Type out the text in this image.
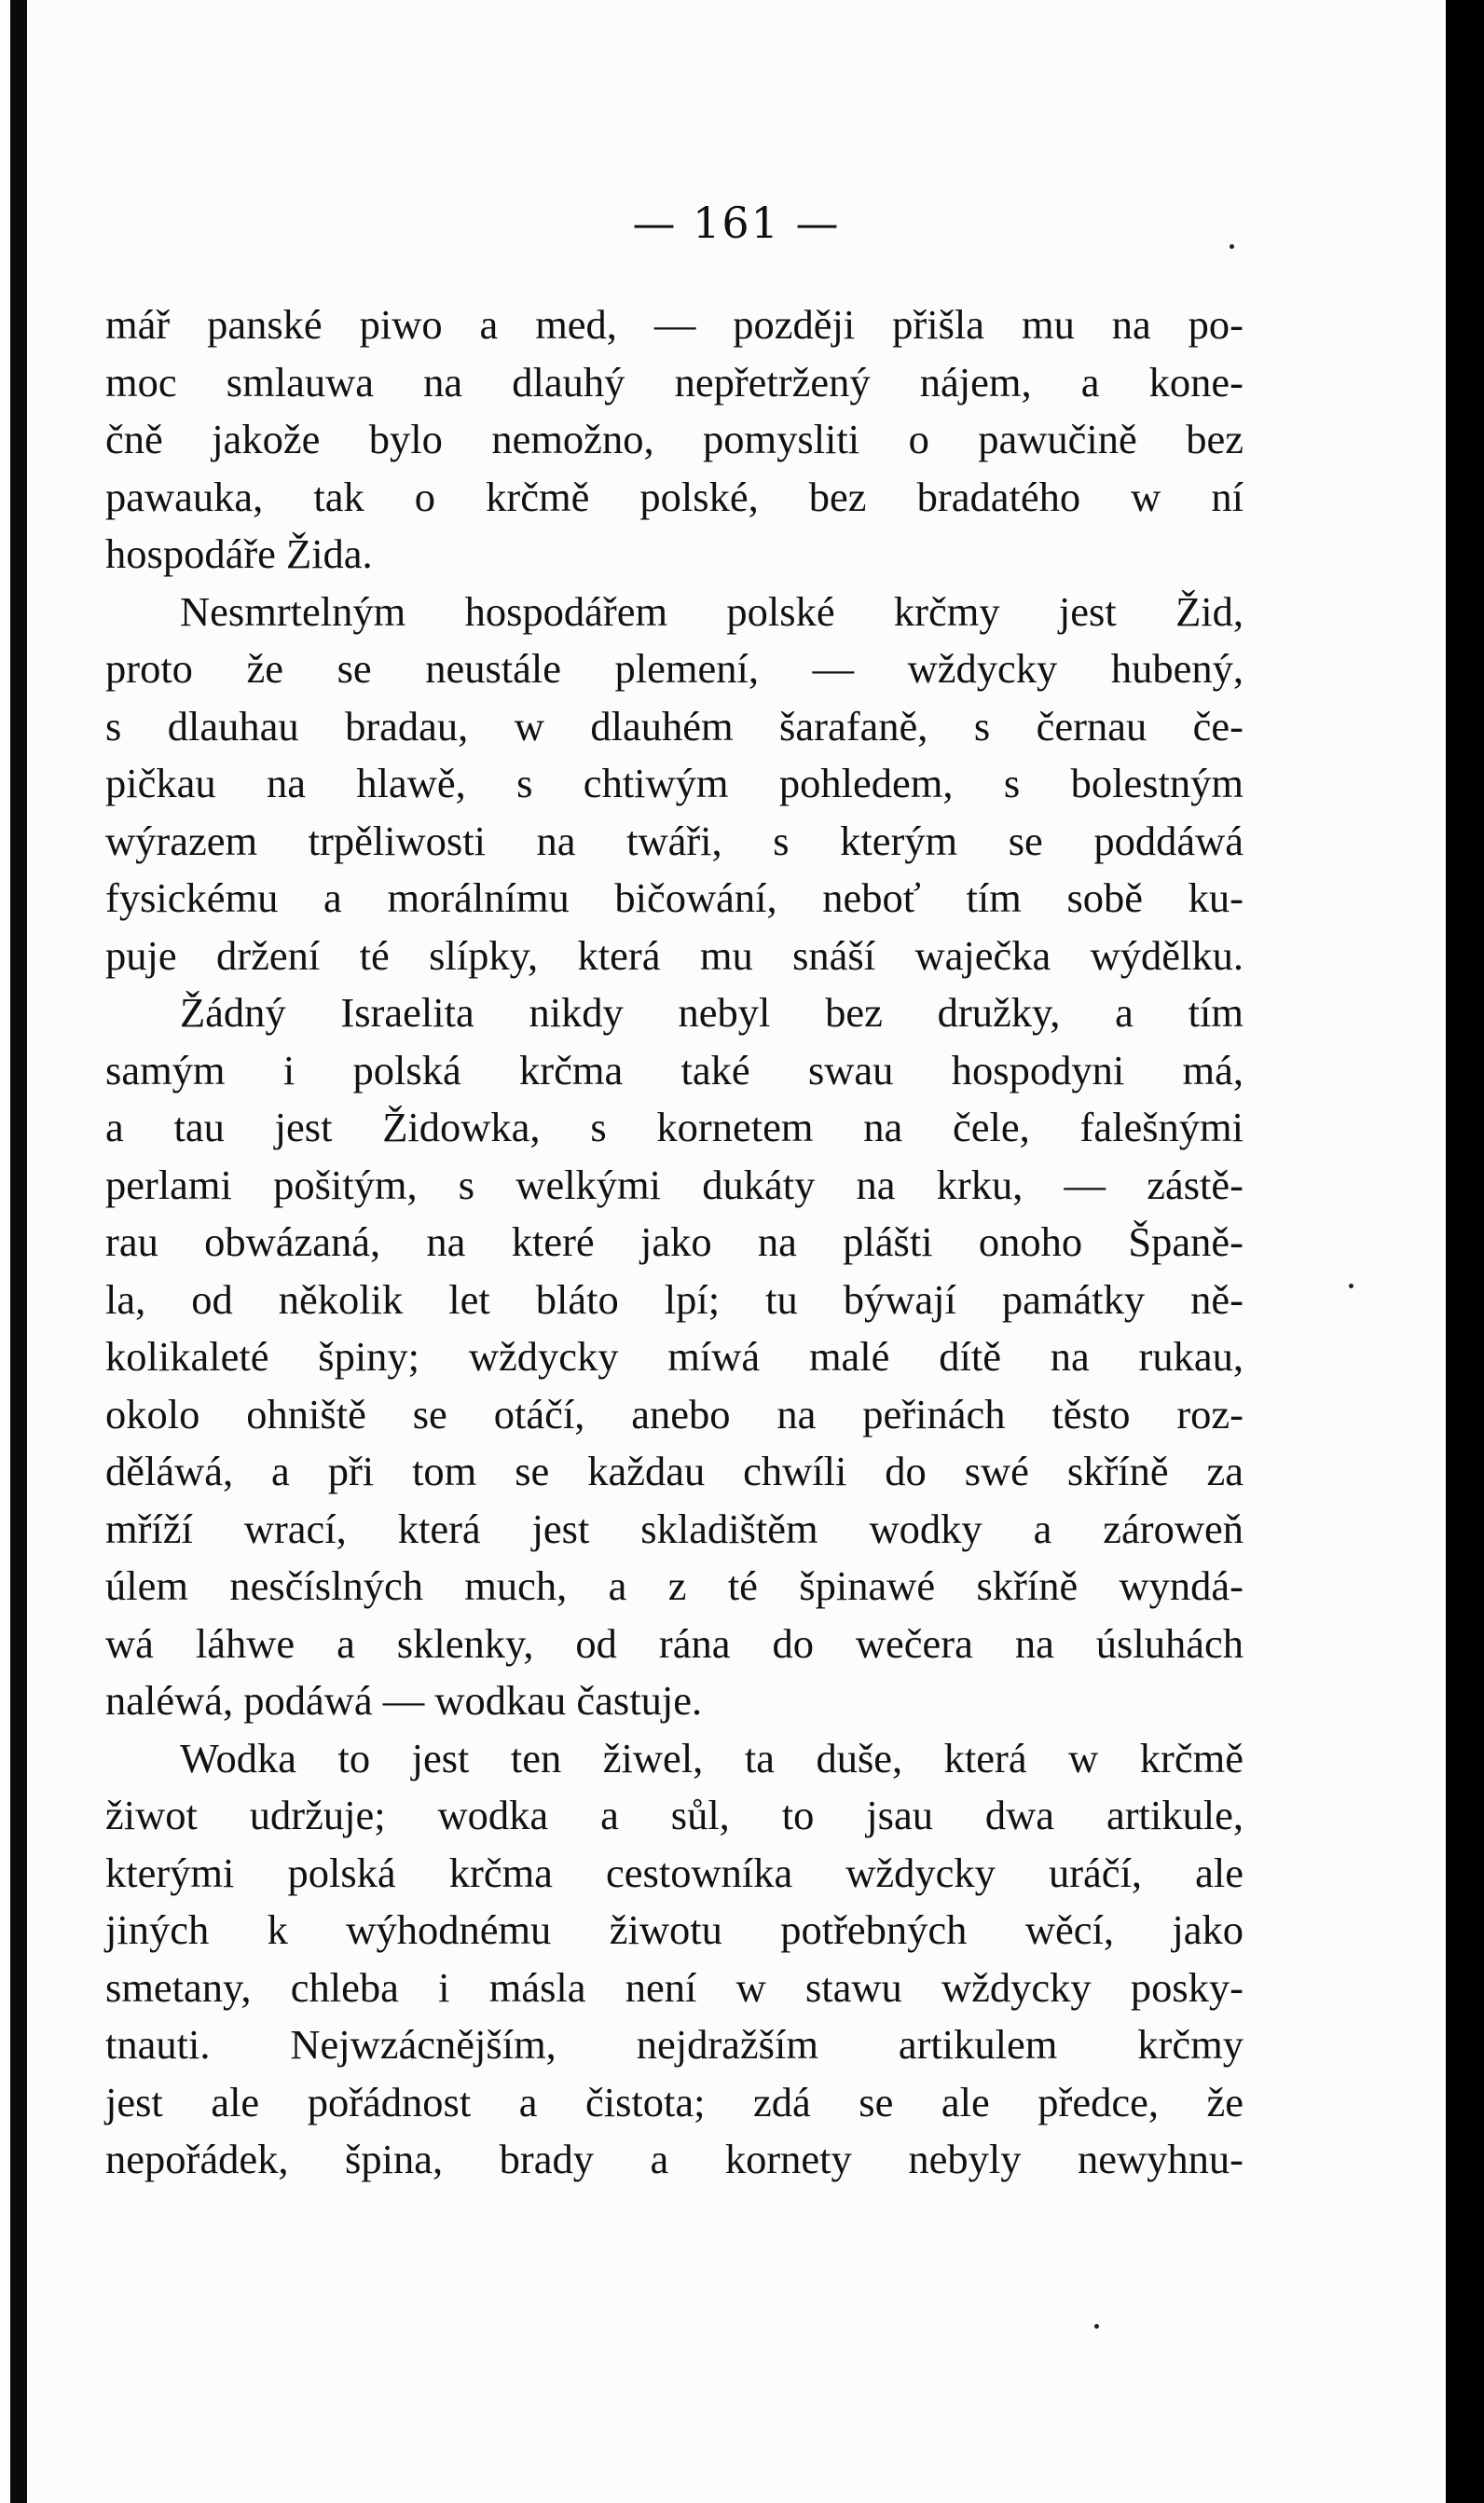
— 161 —
mář panské piwo a med, — později přišla mu na po-
moc smlauwa na dlauhý nepřetržený nájem, a kone-
čně jakože bylo nemožno, pomysliti o pawučině bez
pawauka, tak o krčmě polské, bez bradatého w ní
hospodáře Žida.
Nesmrtelným hospodářem polské krčmy jest Žid,
proto že se neustále plemení, — wždycky hubený,
s dlauhau bradau, w dlauhém šarafaně, s černau če-
pičkau na hlawě, s chtiwým pohledem, s bolestným
wýrazem trpěliwosti na twáři, s kterým se poddáwá
fysickému a morálnímu bičowání, neboť tím sobě ku-
puje držení té slípky, která mu snáší waječka wýdělku.
Žádný Israelita nikdy nebyl bez družky, a tím
samým i polská krčma také swau hospodyni má,
a tau jest Židowka, s kornetem na čele, falešnými
perlami pošitým, s welkými dukáty na krku, — zástě-
rau obwázaná, na které jako na plášti onoho Španě-
la, od několik let bláto lpí; tu býwají památky ně-
kolikaleté špiny; wždycky míwá malé dítě na rukau,
okolo ohniště se otáčí, anebo na peřinách těsto roz-
děláwá, a při tom se každau chwíli do swé skříně za
mříží wrací, která jest skladištěm wodky a zároweň
úlem nesčíslných much, a z té špinawé skříně wyndá-
wá láhwe a sklenky, od rána do wečera na úsluhách
naléwá, podáwá — wodkau častuje.
Wodka to jest ten žiwel, ta duše, která w krčmě
žiwot udržuje; wodka a sůl, to jsau dwa artikule,
kterými polská krčma cestowníka wždycky uráčí, ale
jiných k wýhodnému žiwotu potřebných wěcí, jako
smetany, chleba i másla není w stawu wždycky posky-
tnauti. Nejwzácnějším, nejdražším artikulem krčmy
jest ale pořádnost a čistota; zdá se ale předce, že
nepořádek, špina, brady a kornety nebyly newyhnu-
